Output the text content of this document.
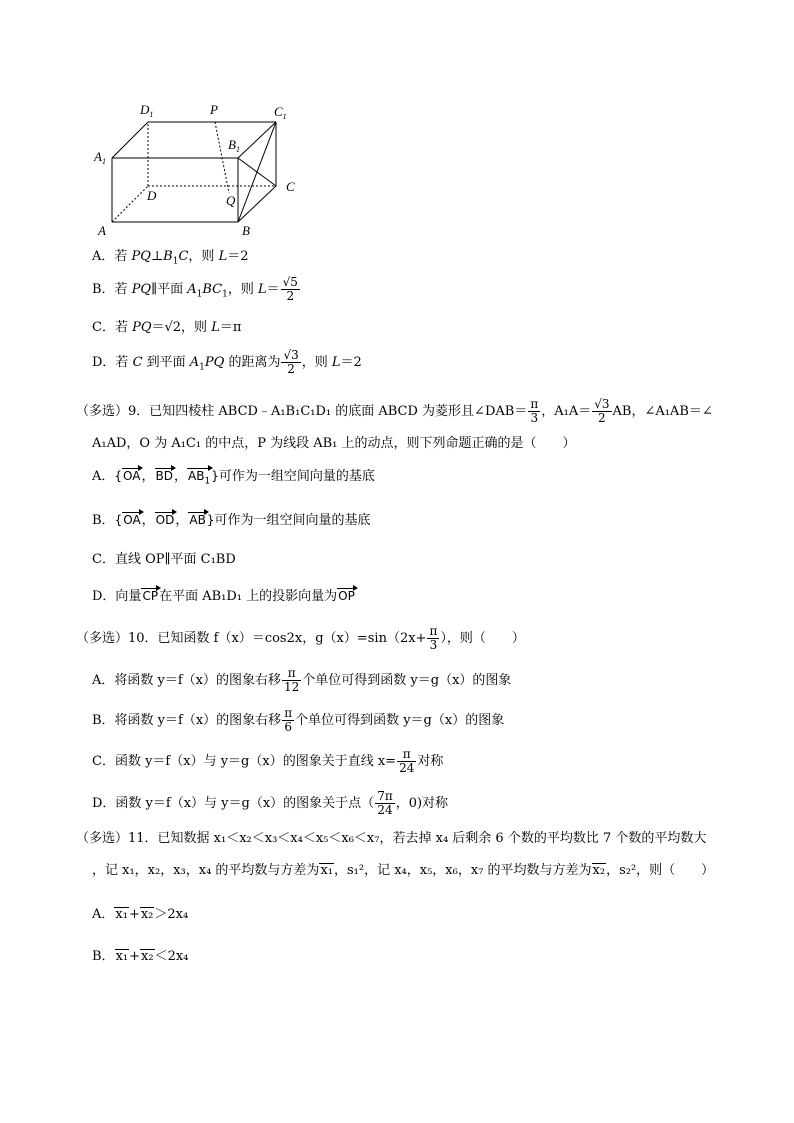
$D_1$	P	$C_1$
$B_1$
$A_1$
C
D	Q
A	B
A．若 $PQ\perp B_1C$，则 L＝2
B．若 PQ∥平面 $A_1BC_1$，则 $L= \frac{√5}{2}$
C．若 PQ＝√2，则 L＝π
D．若 C 到平面 $A_1PQ$ 的距离为 $\frac{√3}{2}$ ，则 L＝2
（多选）9．已知四棱柱 ABCD﹣A₁B₁C₁D₁ 的底面 ABCD 为菱形且∠DAB＝ $\frac{\pi}{3}$ ，$A_1A= \frac{√3}{2}$ AB，∠A₁AB＝∠
A₁AD，O 为 A₁C₁ 的中点，P 为线段 AB₁ 上的动点，则下列命题正确的是（　　）
A．{OA，BD，$AB_1$}可作为一组空间向量的基底
B．{OA，OD，AB}可作为一组空间向量的基底
C．直线 OP∥平面 C₁BD
D．向量CP在平面 AB₁D₁ 上的投影向量为OP
（多选）10．已知函数 f（x）＝cos2x，$g(x)=\sin(2x+ \frac{\pi}{3}$ ），则（　　）
A．将函数 y＝f（x）的图象右移 $\frac{\pi}{12}$ 个单位可得到函数 y＝g（x）的图象
B．将函数 y＝f（x）的图象右移 $\frac{\pi}{6}$ 个单位可得到函数 y＝g（x）的图象
C．函数 y＝f（x）与 y＝g（x）的图象关于直线 $x= \frac{\pi}{24}$ 对称
D．函数 y＝f（x）与 y＝g（x）的图象关于点（ $\frac{7\pi}{24}$ ，0)对称
（多选）11．已知数据 x₁＜x₂＜x₃＜x₄＜x₅＜x₆＜x₇，若去掉 x₄ 后剩余 6 个数的平均数比 7 个数的平均数大
，记 x₁，x₂，x₃，x₄ 的平均数与方差为x₁，s₁²，记 x₄，x₅，x₆，x₇ 的平均数与方差为x₂，s₂²，则（　　）
A．x₁+x₂＞2x₄
B．x₁+x₂＜2x₄
